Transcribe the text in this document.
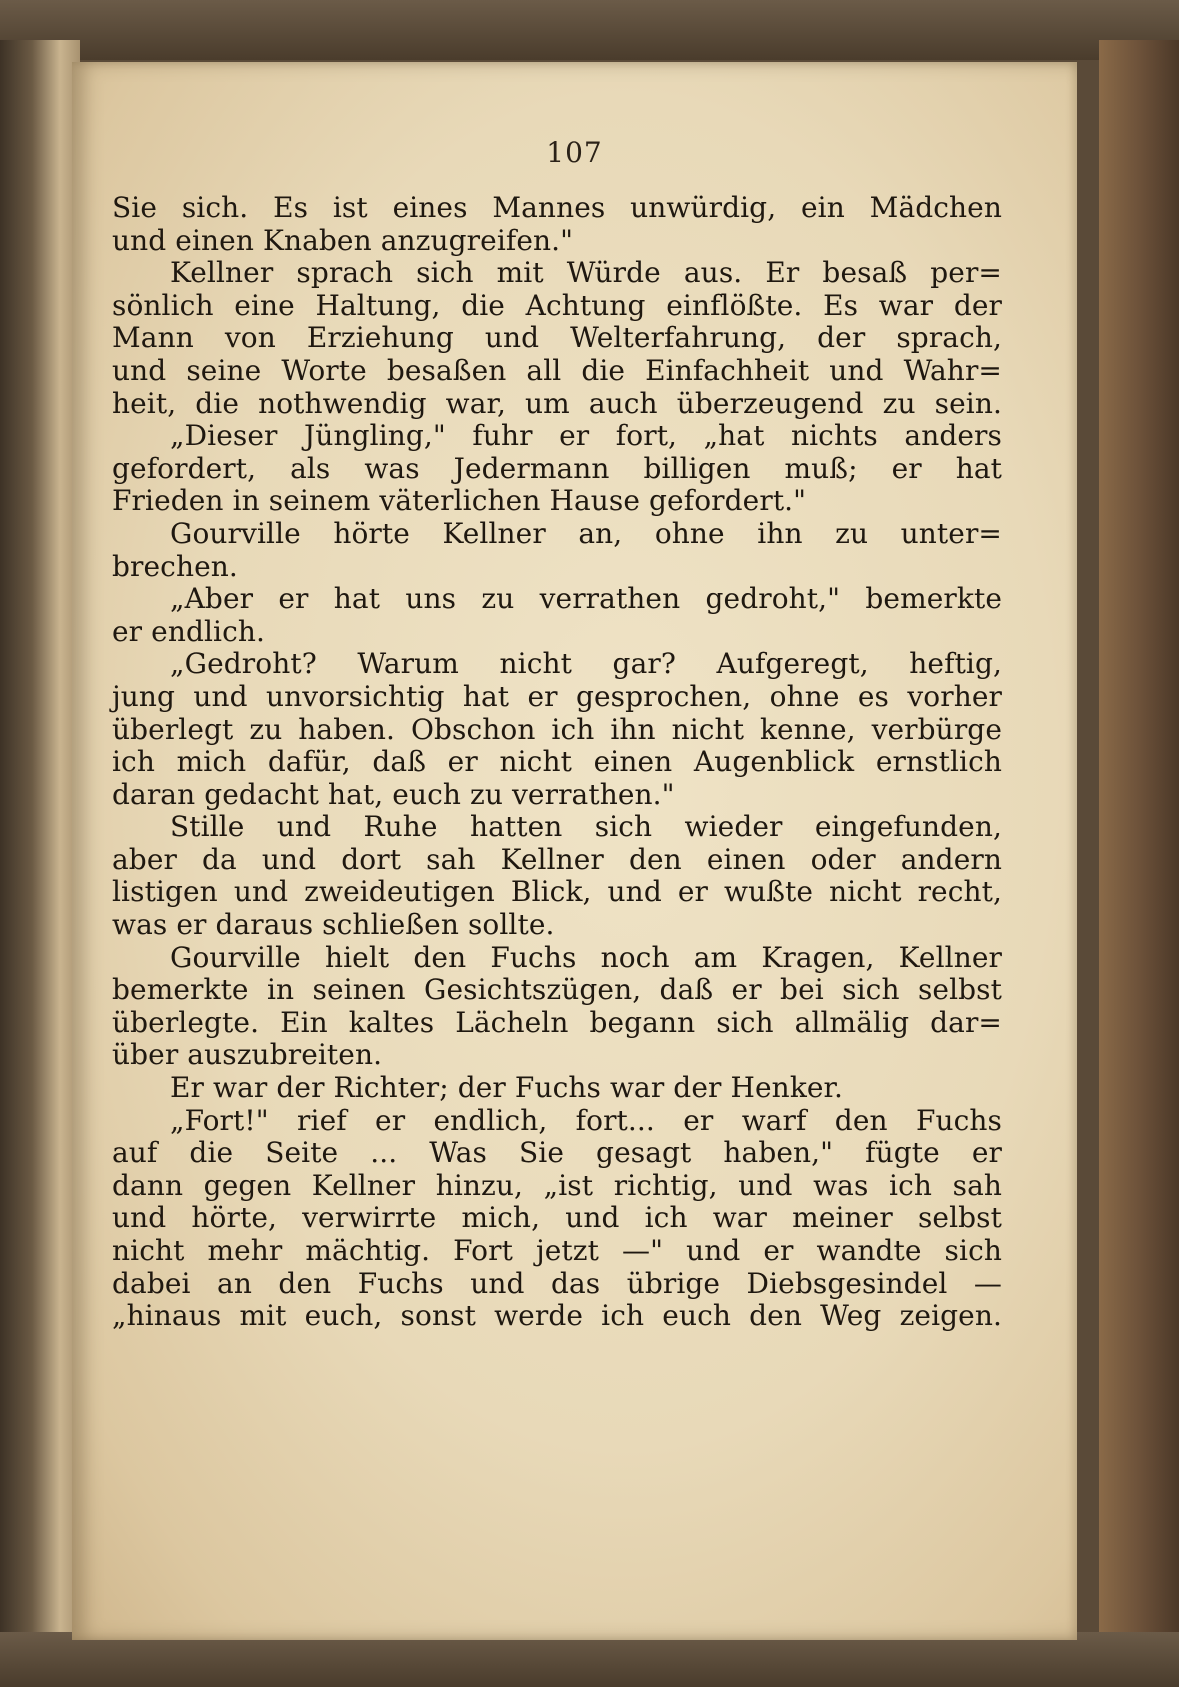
107
Sie sich. Es ist eines Mannes unwürdig, ein Mädchen
und einen Knaben anzugreifen."
Kellner sprach sich mit Würde aus. Er besaß per=
sönlich eine Haltung, die Achtung einflößte. Es war der
Mann von Erziehung und Welterfahrung, der sprach,
und seine Worte besaßen all die Einfachheit und Wahr=
heit, die nothwendig war, um auch überzeugend zu sein.
„Dieser Jüngling," fuhr er fort, „hat nichts anders
gefordert, als was Jedermann billigen muß; er hat
Frieden in seinem väterlichen Hause gefordert."
Gourville hörte Kellner an, ohne ihn zu unter=
brechen.
„Aber er hat uns zu verrathen gedroht," bemerkte
er endlich.
„Gedroht? Warum nicht gar? Aufgeregt, heftig,
jung und unvorsichtig hat er gesprochen, ohne es vorher
überlegt zu haben. Obschon ich ihn nicht kenne, verbürge
ich mich dafür, daß er nicht einen Augenblick ernstlich
daran gedacht hat, euch zu verrathen."
Stille und Ruhe hatten sich wieder eingefunden,
aber da und dort sah Kellner den einen oder andern
listigen und zweideutigen Blick, und er wußte nicht recht,
was er daraus schließen sollte.
Gourville hielt den Fuchs noch am Kragen, Kellner
bemerkte in seinen Gesichtszügen, daß er bei sich selbst
überlegte. Ein kaltes Lächeln begann sich allmälig dar=
über auszubreiten.
Er war der Richter; der Fuchs war der Henker.
„Fort!" rief er endlich, fort... er warf den Fuchs
auf die Seite ... Was Sie gesagt haben," fügte er
dann gegen Kellner hinzu, „ist richtig, und was ich sah
und hörte, verwirrte mich, und ich war meiner selbst
nicht mehr mächtig. Fort jetzt —" und er wandte sich
dabei an den Fuchs und das übrige Diebsgesindel —
„hinaus mit euch, sonst werde ich euch den Weg zeigen.
